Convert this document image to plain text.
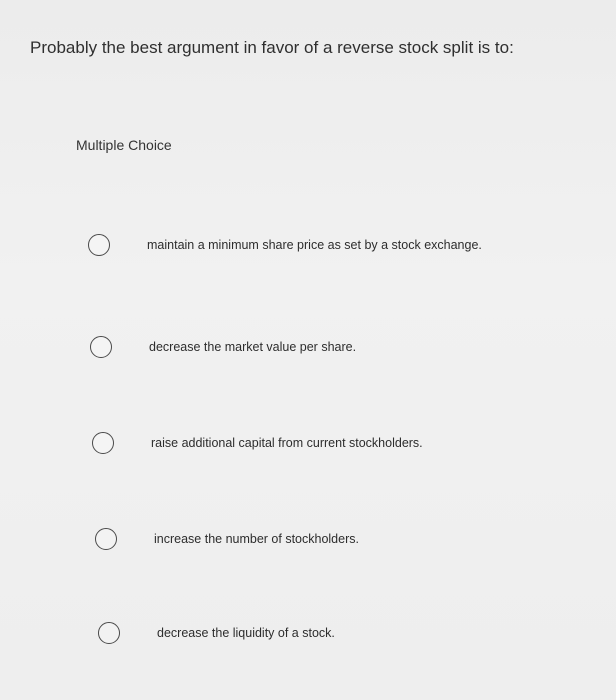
Probably the best argument in favor of a reverse stock split is to:
Multiple Choice
maintain a minimum share price as set by a stock exchange.
decrease the market value per share.
raise additional capital from current stockholders.
increase the number of stockholders.
decrease the liquidity of a stock.
